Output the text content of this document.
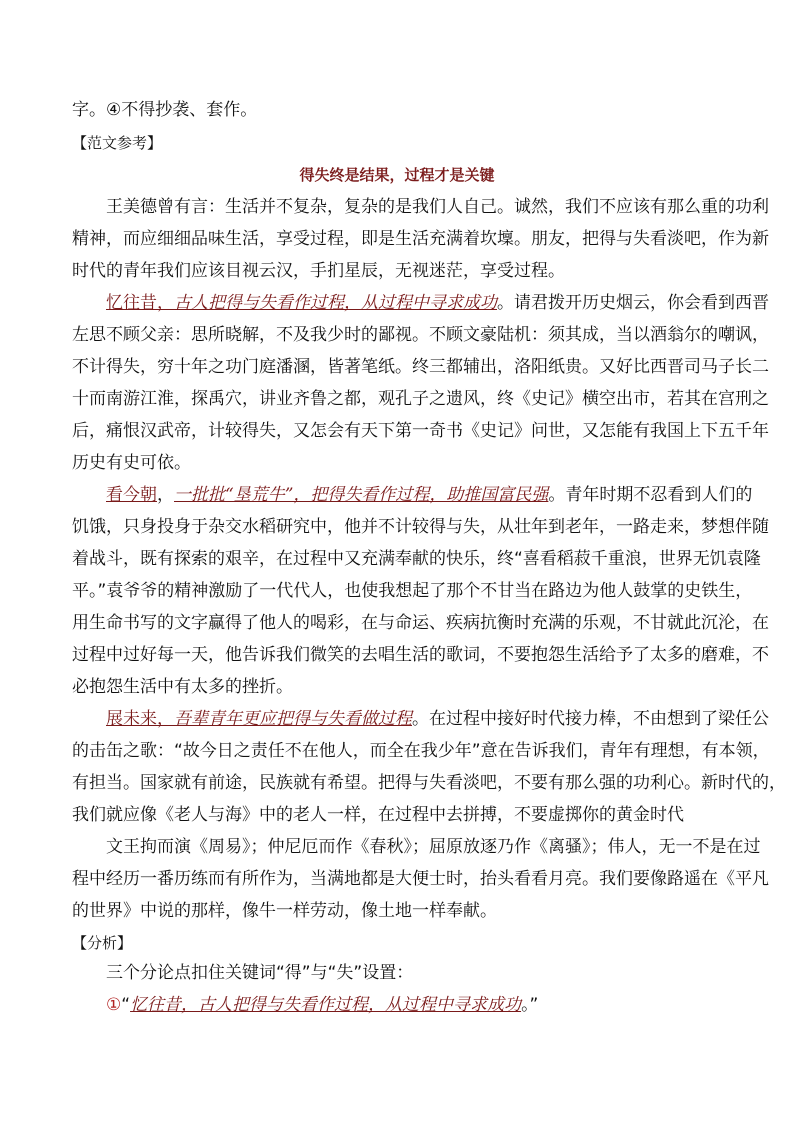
字。④不得抄袭、套作。
【范文参考】
得失终是结果，过程才是关键
王美德曾有言：生活并不复杂，复杂的是我们人自己。诚然，我们不应该有那么重的功利
精神，而应细细品味生活，享受过程，即是生活充满着坎壈。朋友，把得与失看淡吧，作为新
时代的青年我们应该目视云汉，手扪星辰，无视迷茫，享受过程。
忆往昔，古人把得与失看作过程，从过程中寻求成功。请君拨开历史烟云，你会看到西晋
左思不顾父亲：思所晓解，不及我少时的鄙视。不顾文豪陆机：须其成，当以酒翁尔的嘲讽，
不计得失，穷十年之功门庭潘溷，皆著笔纸。终三都辅出，洛阳纸贵。又好比西晋司马子长二
十而南游江淮，探禹穴，讲业齐鲁之都，观孔子之遗风，终《史记》横空出市，若其在宫刑之
后，痛恨汉武帝，计较得失，又怎会有天下第一奇书《史记》问世，又怎能有我国上下五千年
历史有史可依。
看今朝，一批批“垦荒牛”，把得失看作过程，助推国富民强。青年时期不忍看到人们的
饥饿，只身投身于杂交水稻研究中，他并不计较得与失，从壮年到老年，一路走来，梦想伴随
着战斗，既有探索的艰辛，在过程中又充满奉献的快乐，终“喜看稻菽千重浪，世界无饥袁隆
平。”袁爷爷的精神激励了一代代人，也使我想起了那个不甘当在路边为他人鼓掌的史铁生，
用生命书写的文字赢得了他人的喝彩，在与命运、疾病抗衡时充满的乐观，不甘就此沉沦，在
过程中过好每一天，他告诉我们微笑的去唱生活的歌词，不要抱怨生活给予了太多的磨难，不
必抱怨生活中有太多的挫折。
展未来，吾辈青年更应把得与失看做过程。在过程中接好时代接力棒，不由想到了梁任公
的击缶之歌：“故今日之责任不在他人，而全在我少年”意在告诉我们，青年有理想，有本领，
有担当。国家就有前途，民族就有希望。把得与失看淡吧，不要有那么强的功利心。新时代的，
我们就应像《老人与海》中的老人一样，在过程中去拼搏，不要虚掷你的黄金时代
文王拘而演《周易》；仲尼厄而作《春秋》；屈原放逐乃作《离骚》；伟人，无一不是在过
程中经历一番历练而有所作为，当满地都是大便士时，抬头看看月亮。我们要像路遥在《平凡
的世界》中说的那样，像牛一样劳动，像土地一样奉献。
【分析】
三个分论点扣住关键词“得”与“失”设置：
①“忆往昔，古人把得与失看作过程，从过程中寻求成功。”
